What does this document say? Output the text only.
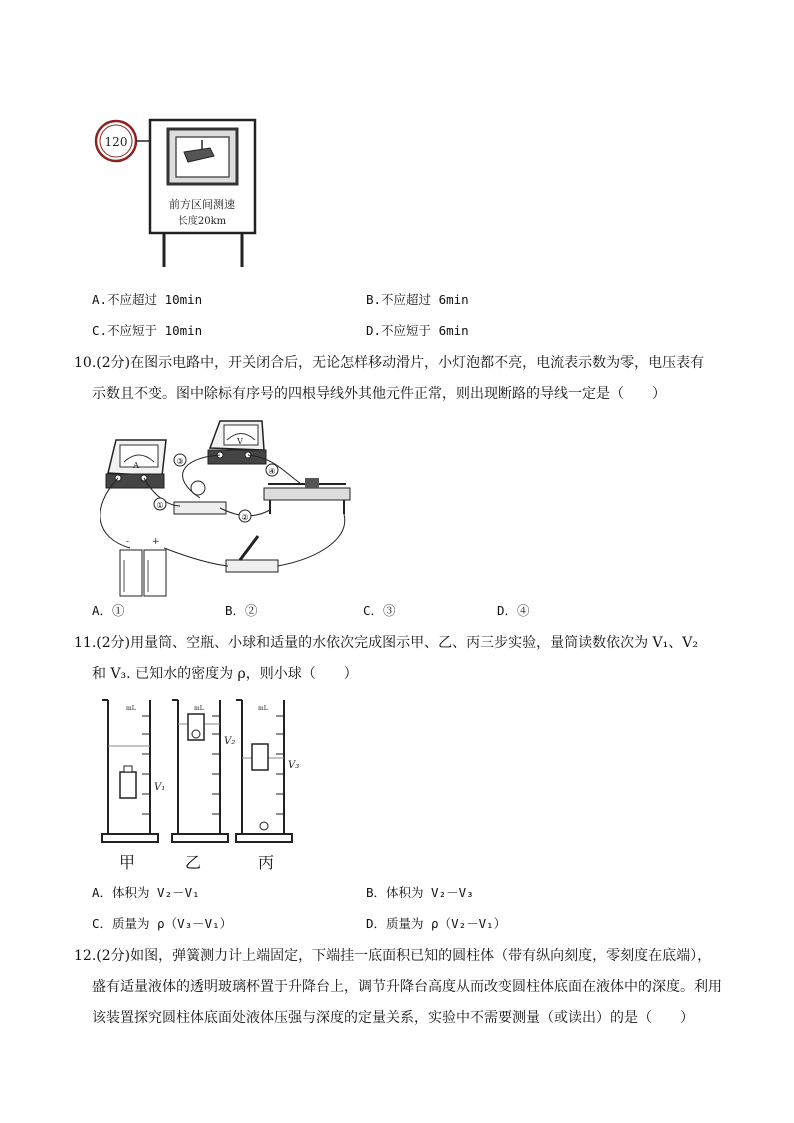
120
前方区间测速
长度20km
A.不应超过 10min	B.不应超过 6min
C.不应短于 10min	D.不应短于 6min
10.(2分)在图示电路中，开关闭合后，无论怎样移动滑片，小灯泡都不亮，电流表示数为零，电压表有
示数且不变。图中除标有序号的四根导线外其他元件正常，则出现断路的导线一定是（　　）
A
V
-	+
①
②
③
④
A．①	B．②	C．③	D．④
11.(2分)用量筒、空瓶、小球和适量的水依次完成图示甲、乙、丙三步实验，量筒读数依次为 V₁、V₂
和 V₃. 已知水的密度为 ρ，则小球（　　）
mL
V₁
mL
V₂
mL
V₃
甲	乙	丙
A．体积为 V₂－V₁	B．体积为 V₂－V₃
C．质量为 ρ（V₃－V₁）	D．质量为 ρ（V₂－V₁）
12.(2分)如图，弹簧测力计上端固定，下端挂一底面积已知的圆柱体（带有纵向刻度，零刻度在底端），
盛有适量液体的透明玻璃杯置于升降台上，调节升降台高度从而改变圆柱体底面在液体中的深度。利用
该装置探究圆柱体底面处液体压强与深度的定量关系，实验中不需要测量（或读出）的是（　　）
